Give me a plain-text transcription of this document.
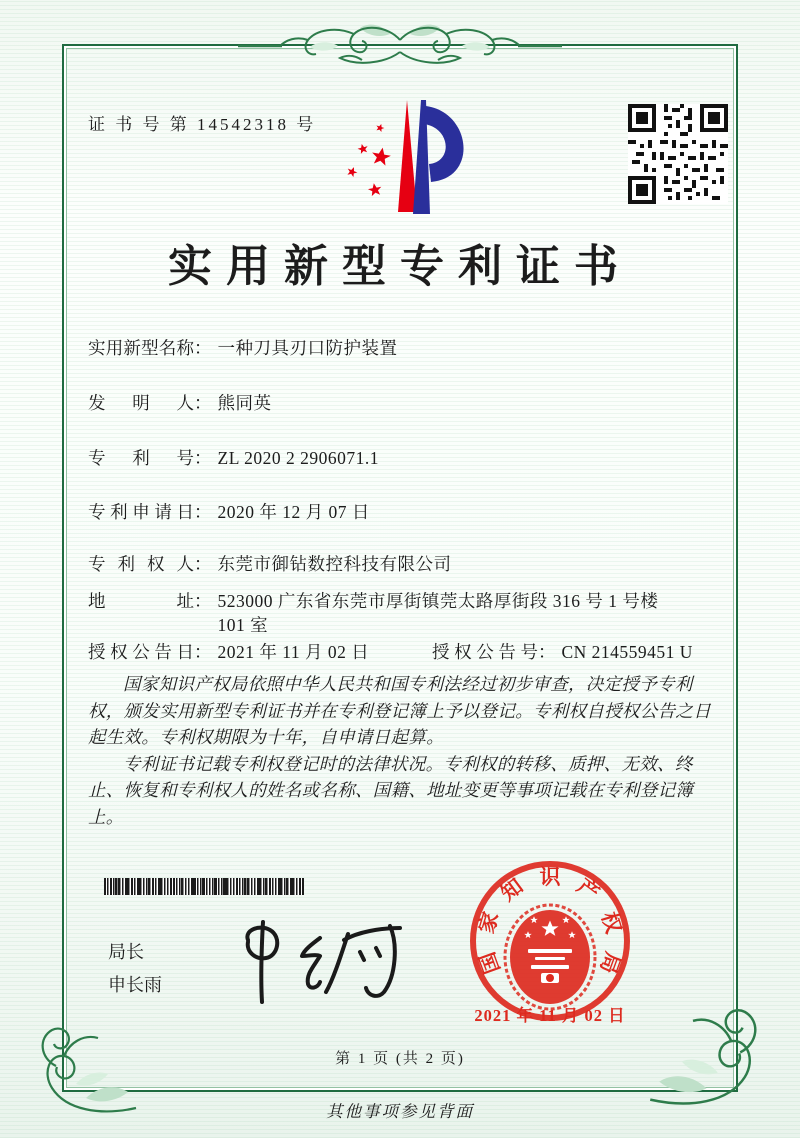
证 书 号 第 14542318 号
实用新型专利证书
实用新型名称 ： 一种刀具刃口防护装置
发明人 ： 熊同英
专利号 ： ZL 2020 2 2906071.1
专利申请日 ： 2020 年 12 月 07 日
专利权人 ： 东莞市御钻数控科技有限公司
地址 ： 523000 广东省东莞市厚街镇莞太路厚街段 316 号 1 号楼 101 室
授权公告日 ： 2021 年 11 月 02 日	授权公告号 ： CN 214559451 U

国家知识产权局依照中华人民共和国专利法经过初步审查，决定授予专利权，颁发实用新型专利证书并在专利登记簿上予以登记。专利权自授权公告之日起生效。专利权期限为十年，自申请日起算。

专利证书记载专利权登记时的法律状况。专利权的转移、质押、无效、终止、恢复和专利权人的姓名或名称、国籍、地址变更等事项记载在专利登记簿上。

局长
申长雨
国
家
知 识 产
权
局
2021 年 11 月 02 日
第 1 页 (共 2 页)
其他事项参见背面
